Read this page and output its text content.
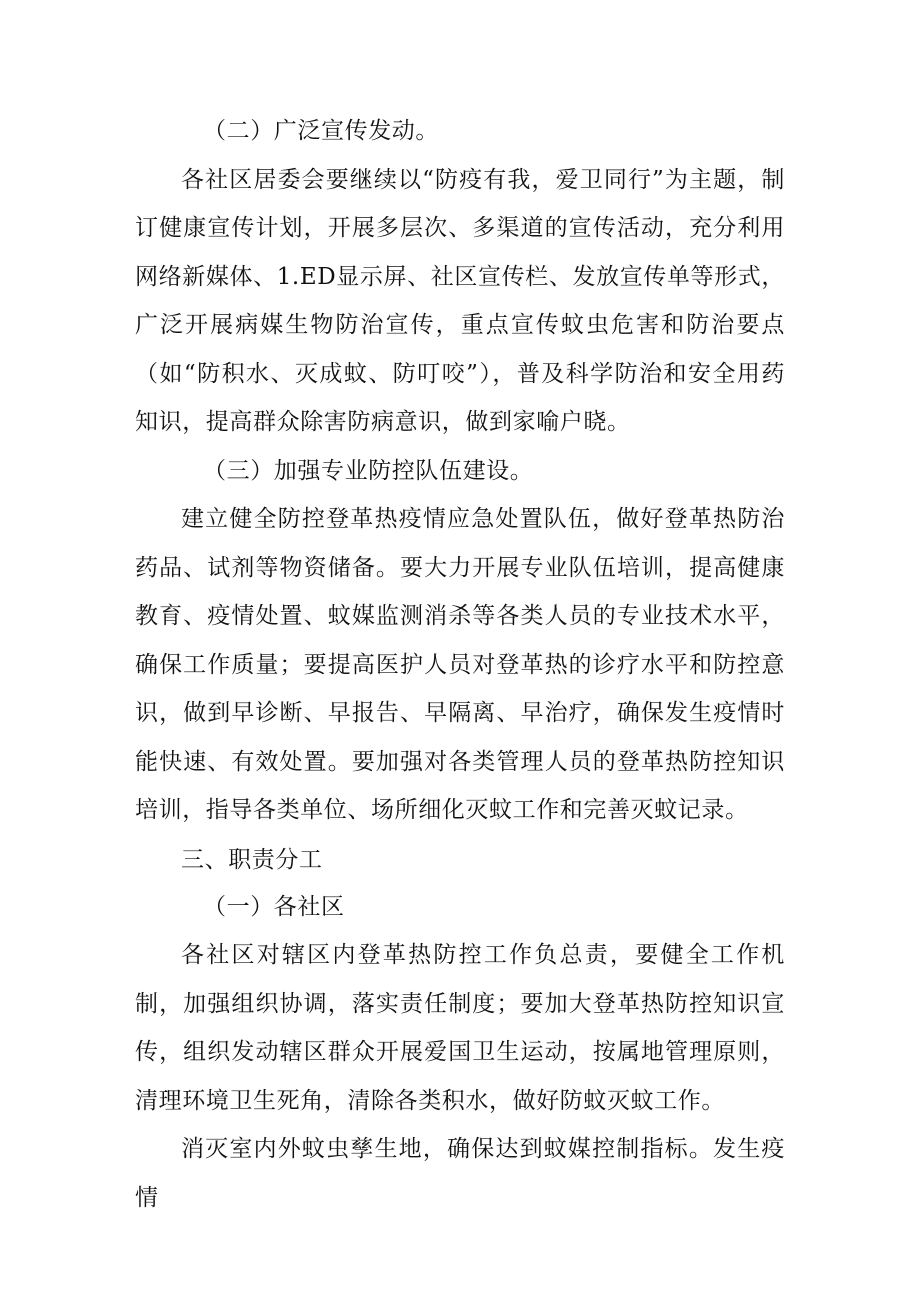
（二）广泛宣传发动。

各社区居委会要继续以“防疫有我，爱卫同行”为主题，制订健康宣传计划，开展多层次、多渠道的宣传活动，充分利用网络新媒体、1.ED显示屏、社区宣传栏、发放宣传单等形式，广泛开展病媒生物防治宣传，重点宣传蚊虫危害和防治要点（如“防积水、灭成蚊、防叮咬”），普及科学防治和安全用药知识，提高群众除害防病意识，做到家喻户晓。

（三）加强专业防控队伍建设。

建立健全防控登革热疫情应急处置队伍，做好登革热防治药品、试剂等物资储备。要大力开展专业队伍培训，提高健康教育、疫情处置、蚊媒监测消杀等各类人员的专业技术水平，确保工作质量；要提高医护人员对登革热的诊疗水平和防控意识，做到早诊断、早报告、早隔离、早治疗，确保发生疫情时能快速、有效处置。要加强对各类管理人员的登革热防控知识培训，指导各类单位、场所细化灭蚊工作和完善灭蚊记录。

三、职责分工

（一）各社区

各社区对辖区内登革热防控工作负总责，要健全工作机制，加强组织协调，落实责任制度；要加大登革热防控知识宣传，组织发动辖区群众开展爱国卫生运动，按属地管理原则，清理环境卫生死角，清除各类积水，做好防蚊灭蚊工作。

消灭室内外蚊虫孳生地，确保达到蚊媒控制指标。发生疫情
